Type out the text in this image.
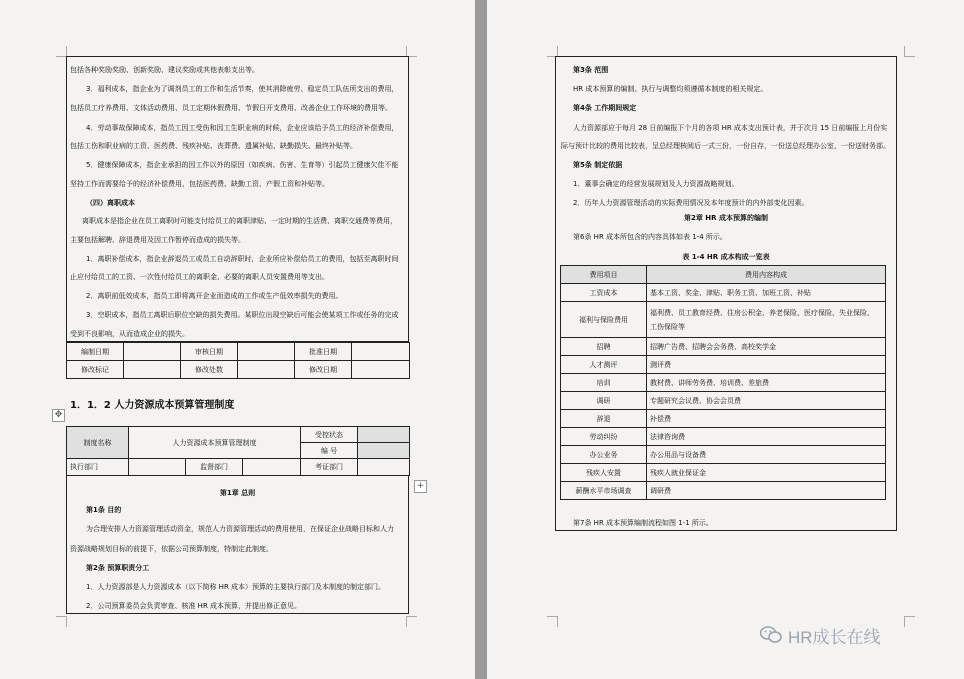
包括各种奖励奖励、创新奖励、建议奖励或其他表彰支出等。
3．福利成本，指企业为了调剂员工的工作和生活节奏，使其消除疲劳、稳定员工队伍所支出的费用，
包括员工疗养费用、文体活动费用、员工定期休假费用、节假日开支费用、改善企业工作环境的费用等。
4．劳动事故保障成本，指员工因工受伤和因工生职业病的时候，企业应该给予员工的经济补偿费用，
包括工伤和职业病的工资、医药费、残疾补贴、丧葬费、遗属补贴、缺勤损失、最终补贴等。
5．健康保障成本，指企业承担的因工作以外的原因（如疾病、伤害、生育等）引起员工健康欠佳不能
坚持工作而需要给予的经济补偿费用，包括医药费、缺勤工资、产假工资和补贴等。
（四）离职成本
离职成本是指企业在员工离职时可能支付给员工的离职津贴、一定时期的生活费、离职交通费等费用，
主要包括解聘、辞退费用及因工作暂停而造成的损失等。
1．离职补偿成本，指企业辞退员工或员工自动辞职时，企业所应补偿给员工的费用，包括至离职时间
止应付给员工的工资、一次性付给员工的离职金、必要的离职人员安置费用等支出。
2．离职前低效成本，指员工即将离开企业而造成的工作或生产低效率损失的费用。
3．空职成本，指员工离职后职位空缺的损失费用。某职位出现空缺后可能会使某项工作或任务的完成
受到不良影响，从而造成企业的损失。
编制日期		审核日期		批准日期	
修改标记		修改处数		修改日期	
1．1．2 人力资源成本预算管理制度
✥
制度名称	人力资源成本预算管理制度			受控状态	
				编 号	
执行部门		监督部门		考证部门	
+
第1章 总则
第1条 目的
为合理安排人力资源管理活动资金，规范人力资源管理活动的费用使用，在保证企业战略目标和人力
资源战略规划目标的前提下，依据公司预算制度，特制定此制度。
第2条 预算职责分工
1．人力资源部是人力资源成本（以下简称 HR 成本）预算的主要执行部门及本制度的制定部门。
2．公司预算委员会负责审查、核准 HR 成本预算，并提出修正意见。
第3条 范围
HR 成本预算的编制、执行与调整均须遵循本制度的相关规定。
第4条 工作期间规定
人力资源部应于每月 28 日前编报下个月的各项 HR 成本支出预计表，并于次月 15 日前编报上月份实
际与预计比较的费用比较表，呈总经理核阅后一式三份，一份自存，一份送总经理办公室，一份送财务部。
第5条 制定依据
1．董事会确定的经营发展规划及人力资源战略规划。
2．历年人力资源管理活动的实际费用情况及本年度预计的内外部变化因素。
第2章 HR 成本预算的编制
第6条 HR 成本所包含的内容具体如表 1-4 所示。
表 1-4 HR 成本构成一览表
费用项目	费用内容构成
工资成本	基本工资、奖金、津贴、职务工资、加班工资、补贴

福利与保险费用	福利费、员工教育经费、住房公积金、养老保险、医疗保险、失业保险、
工伤保险等

招聘	招聘广告费、招聘会会务费、高校奖学金

人才测评	测评费

培训	教材费、讲师劳务费、培训费、差旅费

调研	专题研究会议费、协会会员费

辞退	补偿费

劳动纠纷	法律咨询费

办公业务	办公用品与设备费

残疾人安置	残疾人就业保证金

薪酬水平市场调查	调研费
第7条 HR 成本预算编制流程如图 1-1 所示。
HR成长在线
